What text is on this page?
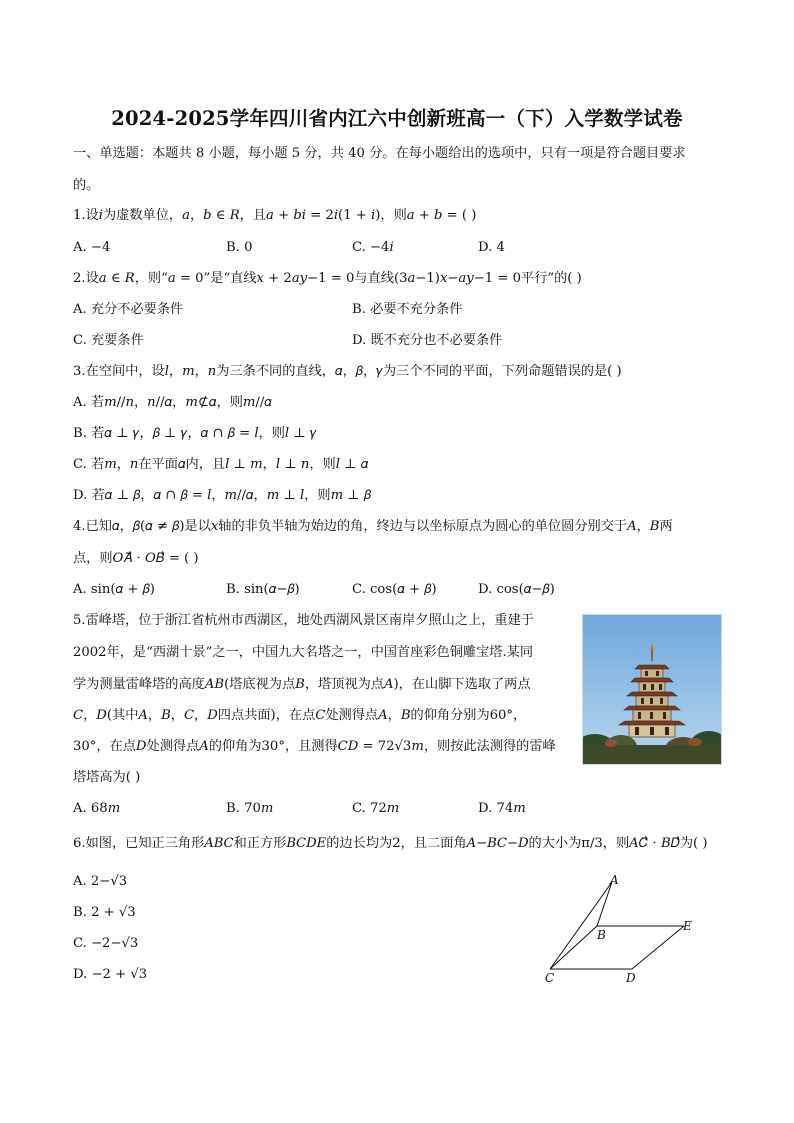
2024-2025学年四川省内江六中创新班高一（下）入学数学试卷
一、单选题：本题共 8 小题，每小题 5 分，共 40 分。在每小题给出的选项中，只有一项是符合题目要求
的。
1.设𝑖为虚数单位，𝑎，𝑏 ∈ 𝑅，且𝑎 + 𝑏𝑖 = 2𝑖(1 + 𝑖)，则𝑎 + 𝑏 = ( )
A. −4	B. 0	C. −4𝑖	D. 4
2.设𝑎 ∈ 𝑅，则“𝑎 = 0”是“直线𝑥 + 2𝑎𝑦−1 = 0与直线(3𝑎−1)𝑥−𝑎𝑦−1 = 0平行”的( )
A. 充分不必要条件	B. 必要不充分条件
C. 充要条件	D. 既不充分也不必要条件
3.在空间中，设𝑙，𝑚，𝑛为三条不同的直线，𝛼，𝛽，𝛾为三个不同的平面，下列命题错误的是( )
A. 若𝑚//𝑛，𝑛//𝛼，𝑚⊄𝛼，则𝑚//𝛼
B. 若𝛼 ⊥ 𝛾，𝛽 ⊥ 𝛾，𝛼 ∩ 𝛽 = 𝑙，则𝑙 ⊥ 𝛾
C. 若𝑚，𝑛在平面𝛼内，且𝑙 ⊥ 𝑚，𝑙 ⊥ 𝑛，则𝑙 ⊥ 𝛼
D. 若𝛼 ⊥ 𝛽，𝛼 ∩ 𝛽 = 𝑙，𝑚//𝛼，𝑚 ⊥ 𝑙，则𝑚 ⊥ 𝛽
4.已知𝛼，𝛽(𝛼 ≠ 𝛽)是以𝑥轴的非负半轴为始边的角，终边与以坐标原点为圆心的单位圆分别交于𝐴，𝐵两
点，则𝑂𝐴⃗ ⋅ 𝑂𝐵⃗ = ( )
A. sin(𝛼 + 𝛽)	B. sin(𝛼−𝛽)	C. cos(𝛼 + 𝛽)	D. cos(𝛼−𝛽)
5.雷峰塔，位于浙江省杭州市西湖区，地处西湖风景区南岸夕照山之上，重建于
2002年，是“西湖十景”之一，中国九大名塔之一，中国首座彩色铜雕宝塔.某同
学为测量雷峰塔的高度𝐴𝐵(塔底视为点𝐵，塔顶视为点𝐴)，在山脚下选取了两点
𝐶，𝐷(其中𝐴，𝐵，𝐶，𝐷四点共面)，在点𝐶处测得点𝐴，𝐵的仰角分别为60°，
30°，在点𝐷处测得点𝐴的仰角为30°，且测得𝐶𝐷 = 72√3𝑚，则按此法测得的雷峰
塔塔高为( )
A. 68𝑚	B. 70𝑚	C. 72𝑚	D. 74𝑚
6.如图，已知正三角形𝐴𝐵𝐶和正方形𝐵𝐶𝐷𝐸的边长均为2，且二面角𝐴−𝐵𝐶−𝐷的大小为π/3，则𝐴𝐶⃗ ⋅ 𝐵𝐷⃗为( )
A. 2−√3
B. 2 + √3
C. −2−√3
D. −2 + √3
A
B
E
C	D
